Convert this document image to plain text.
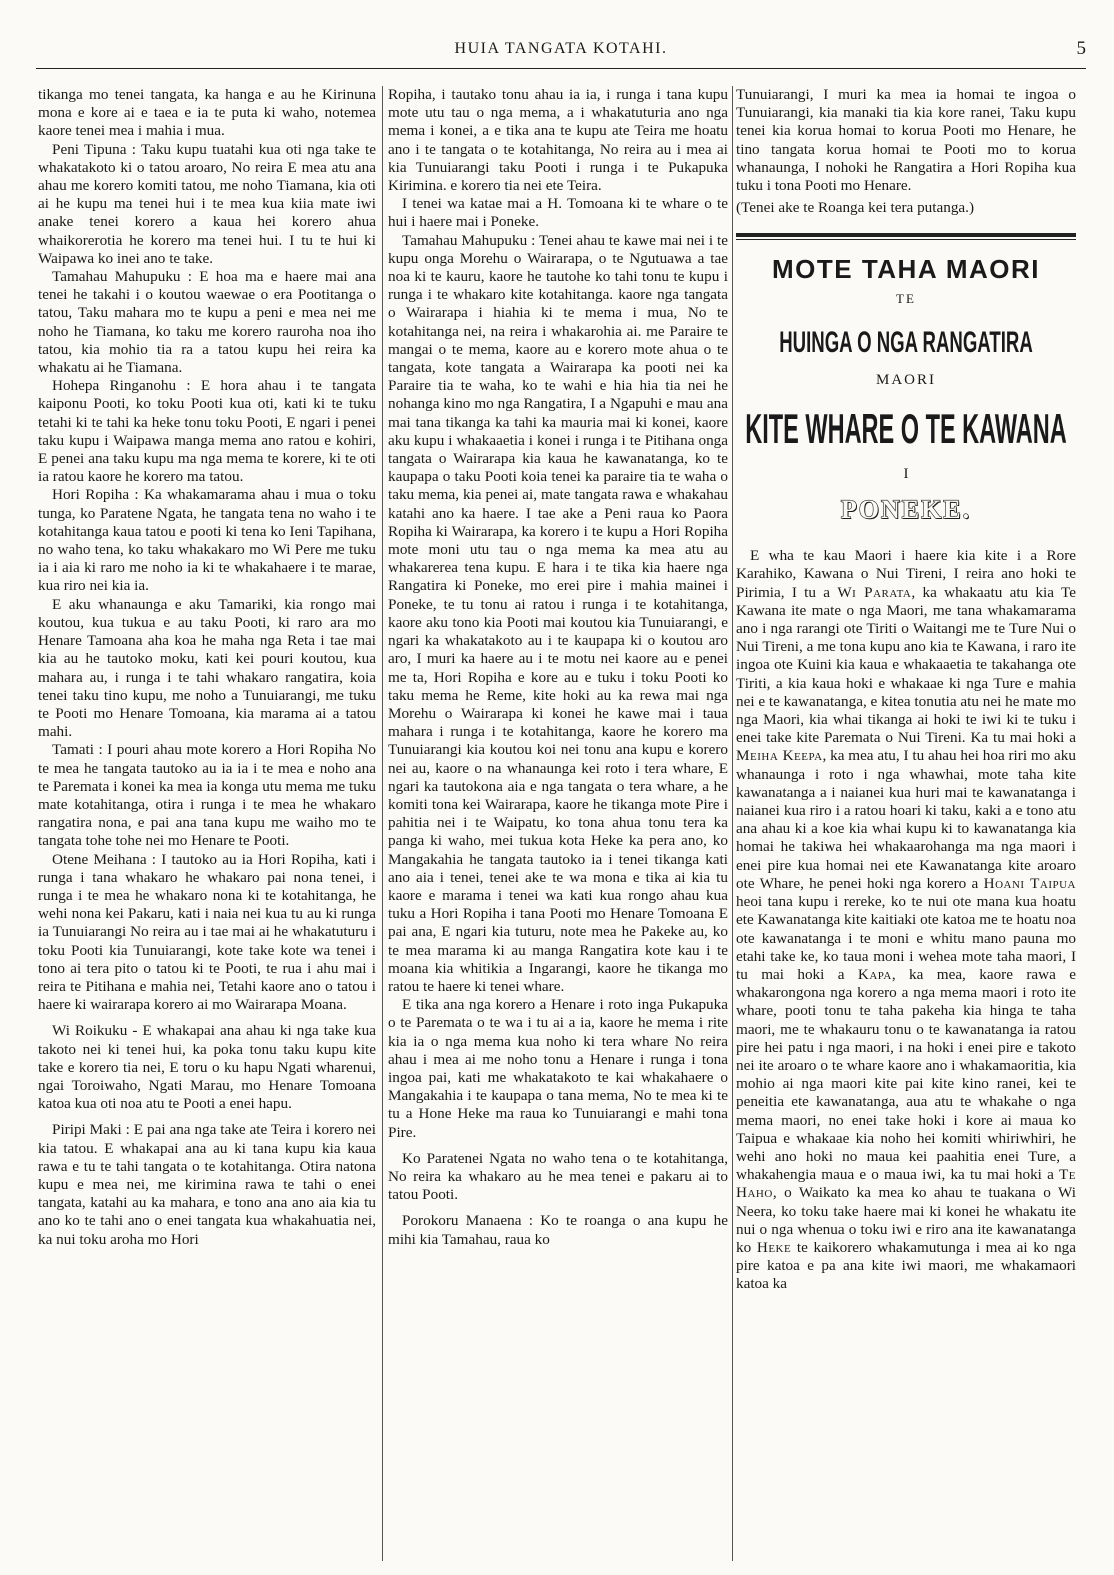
HUIA TANGATA KOTAHI.	5

tikanga mo tenei tangata, ka hanga e au he Kirinuna mona e kore ai e taea e ia te puta ki waho, notemea kaore tenei mea i mahia i mua.

Peni Tipuna : Taku kupu tuatahi kua oti nga take te whakatakoto ki o tatou aroaro, No reira E mea atu ana ahau me korero komiti tatou, me noho Tiamana, kia oti ai he kupu ma tenei hui i te mea kua kiia mate iwi anake tenei korero a kaua hei korero ahua whaikorerotia he korero ma tenei hui. I tu te hui ki Waipawa ko inei ano te take.

Tamahau Mahupuku : E hoa ma e haere mai ana tenei he takahi i o koutou waewae o era Pootitanga o tatou, Taku mahara mo te kupu a peni e mea nei me noho he Tiamana, ko taku me korero rauroha noa iho tatou, kia mohio tia ra a tatou kupu hei reira ka whakatu ai he Tiamana.

Hohepa Ringanohu : E hora ahau i te tangata kaiponu Pooti, ko toku Pooti kua oti, kati ki te tuku tetahi ki te tahi ka heke tonu toku Pooti, E ngari i penei taku kupu i Waipawa manga mema ano ratou e kohiri, E penei ana taku kupu ma nga mema te korere, ki te oti ia ratou kaore he korero ma tatou.

Hori Ropiha : Ka whakamarama ahau i mua o toku tunga, ko Paratene Ngata, he tangata tena no waho i te kotahitanga kaua tatou e pooti ki tena ko Ieni Tapihana, no waho tena, ko taku whakakaro mo Wi Pere me tuku ia i aia ki raro me noho ia ki te whakahaere i te marae, kua riro nei kia ia.

E aku whanaunga e aku Tamariki, kia rongo mai koutou, kua tukua e au taku Pooti, ki raro ara mo Henare Tamoana aha koa he maha nga Reta i tae mai kia au he tautoko moku, kati kei pouri koutou, kua mahara au, i runga i te tahi whakaro rangatira, koia tenei taku tino kupu, me noho a Tunuiarangi, me tuku te Pooti mo Henare Tomoana, kia marama ai a tatou mahi.

Tamati : I pouri ahau mote korero a Hori Ropiha No te mea he tangata tautoko au ia ia i te mea e noho ana te Paremata i konei ka mea ia konga utu mema me tuku mate kotahitanga, otira i runga i te mea he whakaro rangatira nona, e pai ana tana kupu me waiho mo te tangata tohe tohe nei mo Henare te Pooti.

Otene Meihana : I tautoko au ia Hori Ropiha, kati i runga i tana whakaro he whakaro pai nona tenei, i runga i te mea he whakaro nona ki te kotahitanga, he wehi nona kei Pakaru, kati i naia nei kua tu au ki runga ia Tunuiarangi No reira au i tae mai ai he whakatuturu i toku Pooti kia Tunuiarangi, kote take kote wa tenei i tono ai tera pito o tatou ki te Pooti, te rua i ahu mai i reira te Pitihana e mahia nei, Tetahi kaore ano o tatou i haere ki wairarapa korero ai mo Wairarapa Moana.

Wi Roikuku - E whakapai ana ahau ki nga take kua takoto nei ki tenei hui, ka poka tonu taku kupu kite take e korero tia nei, E toru o ku hapu Ngati wharenui, ngai Toroiwaho, Ngati Marau, mo Henare Tomoana katoa kua oti noa atu te Pooti a enei hapu.

Piripi Maki : E pai ana nga take ate Teira i korero nei kia tatou. E whakapai ana au ki tana kupu kia kaua rawa e tu te tahi tangata o te kotahitanga. Otira natona kupu e mea nei, me kirimina rawa te tahi o enei tangata, katahi au ka mahara, e tono ana ano aia kia tu ano ko te tahi ano o enei tangata kua whakahuatia nei, ka nui toku aroha mo Hori

Ropiha, i tautako tonu ahau ia ia, i runga i tana kupu mote utu tau o nga mema, a i whakatuturia ano nga mema i konei, a e tika ana te kupu ate Teira me hoatu ano i te tangata o te kotahitanga, No reira au i mea ai kia Tunuiarangi taku Pooti i runga i te Pukapuka Kirimina. e korero tia nei ete Teira.

I tenei wa katae mai a H. Tomoana ki te whare o te hui i haere mai i Poneke.

Tamahau Mahupuku : Tenei ahau te kawe mai nei i te kupu onga Morehu o Wairarapa, o te Ngutuawa a tae noa ki te kauru, kaore he tautohe ko tahi tonu te kupu i runga i te whakaro kite kotahitanga. kaore nga tangata o Wairarapa i hiahia ki te mema i mua, No te kotahitanga nei, na reira i whakarohia ai. me Paraire te mangai o te mema, kaore au e korero mote ahua o te tangata, kote tangata a Wairarapa ka pooti nei ka Paraire tia te waha, ko te wahi e hia hia tia nei he nohanga kino mo nga Rangatira, I a Ngapuhi e mau ana mai tana tikanga ka tahi ka mauria mai ki konei, kaore aku kupu i whakaaetia i konei i runga i te Pitihana onga tangata o Wairarapa kia kaua he kawanatanga, ko te kaupapa o taku Pooti koia tenei ka paraire tia te waha o taku mema, kia penei ai, mate tangata rawa e whakahau katahi ano ka haere. I tae ake a Peni raua ko Paora Ropiha ki Wairarapa, ka korero i te kupu a Hori Ropiha mote moni utu tau o nga mema ka mea atu au whakarerea tena kupu. E hara i te tika kia haere nga Rangatira ki Poneke, mo erei pire i mahia mainei i Poneke, te tu tonu ai ratou i runga i te kotahitanga, kaore aku tono kia Pooti mai koutou kia Tunuiarangi, e ngari ka whakatakoto au i te kaupapa ki o koutou aro aro, I muri ka haere au i te motu nei kaore au e penei me ta, Hori Ropiha e kore au e tuku i toku Pooti ko taku mema he Reme, kite hoki au ka rewa mai nga Morehu o Wairarapa ki konei he kawe mai i taua mahara i runga i te kotahitanga, kaore he korero ma Tunuiarangi kia koutou koi nei tonu ana kupu e korero nei au, kaore o na whanaunga kei roto i tera whare, E ngari ka tautokona aia e nga tangata o tera whare, a he komiti tona kei Wairarapa, kaore he tikanga mote Pire i pahitia nei i te Waipatu, ko tona ahua tonu tera ka panga ki waho, mei tukua kota Heke ka pera ano, ko Mangakahia he tangata tautoko ia i tenei tikanga kati ano aia i tenei, tenei ake te wa mona e tika ai kia tu kaore e marama i tenei wa kati kua rongo ahau kua tuku a Hori Ropiha i tana Pooti mo Henare Tomoana E pai ana, E ngari kia tuturu, note mea he Pakeke au, ko te mea marama ki au manga Rangatira kote kau i te moana kia whitikia a Ingarangi, kaore he tikanga mo ratou te haere ki tenei whare.

E tika ana nga korero a Henare i roto inga Pukapuka o te Paremata o te wa i tu ai a ia, kaore he mema i rite kia ia o nga mema kua noho ki tera whare No reira ahau i mea ai me noho tonu a Henare i runga i tona ingoa pai, kati me whakatakoto te kai whakahaere o Mangakahia i te kaupapa o tana mema, No te mea ki te tu a Hone Heke ma raua ko Tunuiarangi e mahi tona Pire.

Ko Paratenei Ngata no waho tena o te kotahitanga, No reira ka whakaro au he mea tenei e pakaru ai to tatou Pooti.

Porokoru Manaena : Ko te roanga o ana kupu he mihi kia Tamahau, raua ko

Tunuiarangi, I muri ka mea ia homai te ingoa o Tunuiarangi, kia manaki tia kia kore ranei, Taku kupu tenei kia korua homai to korua Pooti mo Henare, he tino tangata korua homai te Pooti mo to korua whanaunga, I nohoki he Rangatira a Hori Ropiha kua tuku i tona Pooti mo Henare.

(Tenei ake te Roanga kei tera putanga.)

MOTE TAHA MAORI
TE
HUINGA O NGA RANGATIRA
MAORI
KITE WHARE O TE KAWANA
I
PONEKE.

E wha te kau Maori i haere kia kite i a Rore Karahiko, Kawana o Nui Tireni, I reira ano hoki te Pirimia, I tu a Wi Parata, ka whakaatu atu kia Te Kawana ite mate o nga Maori, me tana whakamarama ano i nga rarangi ote Tiriti o Waitangi me te Ture Nui o Nui Tireni, a me tona kupu ano kia te Kawana, i raro ite ingoa ote Kuini kia kaua e whakaaetia te takahanga ote Tiriti, a kia kaua hoki e whakaae ki nga Ture e mahia nei e te kawanatanga, e kitea tonutia atu nei he mate mo nga Maori, kia whai tikanga ai hoki te iwi ki te tuku i enei take kite Paremata o Nui Tireni. Ka tu mai hoki a Meiha Keepa, ka mea atu, I tu ahau hei hoa riri mo aku whanaunga i roto i nga whawhai, mote taha kite kawanatanga a i naianei kua huri mai te kawanatanga i naianei kua riro i a ratou hoari ki taku, kaki a e tono atu ana ahau ki a koe kia whai kupu ki to kawanatanga kia homai he takiwa hei whakaarohanga ma nga maori i enei pire kua homai nei ete Kawanatanga kite aroaro ote Whare, he penei hoki nga korero a Hoani Taipua heoi tana kupu i rereke, ko te nui ote mana kua hoatu ete Kawanatanga kite kaitiaki ote katoa me te hoatu noa ote kawanatanga i te moni e whitu mano pauna mo etahi take ke, ko taua moni i wehea mote taha maori, I tu mai hoki a Kapa, ka mea, kaore rawa e whakarongona nga korero a nga mema maori i roto ite whare, pooti tonu te taha pakeha kia hinga te taha maori, me te whakauru tonu o te kawanatanga ia ratou pire hei patu i nga maori, i na hoki i enei pire e takoto nei ite aroaro o te whare kaore ano i whakamaoritia, kia mohio ai nga maori kite pai kite kino ranei, kei te peneitia ete kawanatanga, aua atu te whakahe o nga mema maori, no enei take hoki i kore ai maua ko Taipua e whakaae kia noho hei komiti whiriwhiri, he wehi ano hoki no maua kei paahitia enei Ture, a whakahengia maua e o maua iwi, ka tu mai hoki a Te Haho, o Waikato ka mea ko ahau te tuakana o Wi Neera, ko toku take haere mai ki konei he whakatu ite nui o nga whenua o toku iwi e riro ana ite kawanatanga ko Heke te kaikorero whakamutunga i mea ai ko nga pire katoa e pa ana kite iwi maori, me whakamaori katoa ka
